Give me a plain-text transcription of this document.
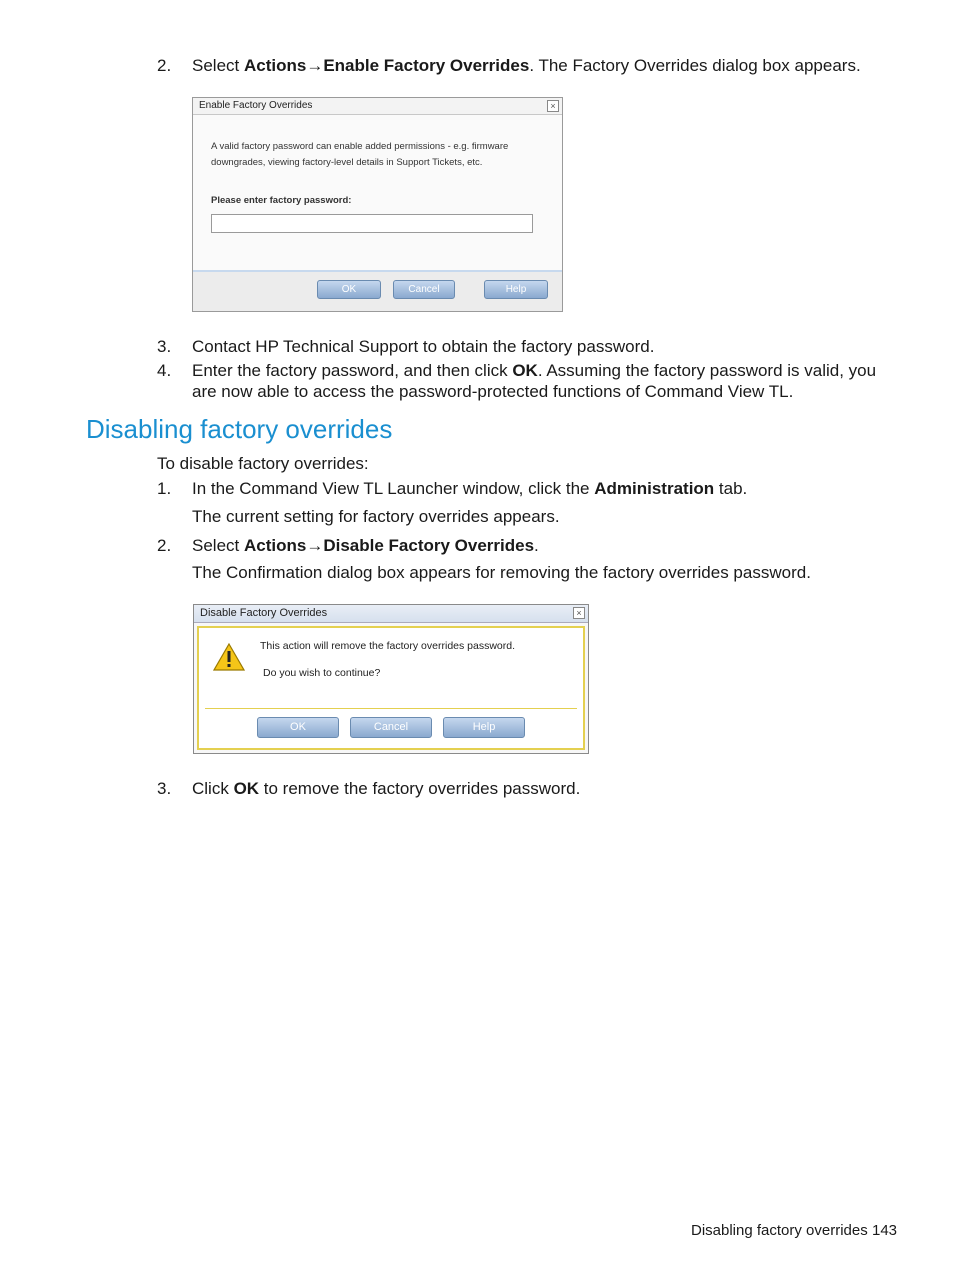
2. Select Actions→Enable Factory Overrides. The Factory Overrides dialog box appears.
Enable Factory Overrides	×
A valid factory password can enable added permissions - e.g. firmware downgrades, viewing factory-level details in Support Tickets, etc.
Please enter factory password:
OK	Cancel	Help
3. Contact HP Technical Support to obtain the factory password.
4. Enter the factory password, and then click OK. Assuming the factory password is valid, you are now able to access the password-protected functions of Command View TL.
Disabling factory overrides
To disable factory overrides:
1. In the Command View TL Launcher window, click the Administration tab.
The current setting for factory overrides appears.
2. Select Actions→Disable Factory Overrides.
The Confirmation dialog box appears for removing the factory overrides password.
Disable Factory Overrides	×
This action will remove the factory overrides password.
Do you wish to continue?
OK	Cancel	Help
3. Click OK to remove the factory overrides password.
Disabling factory overrides 143
